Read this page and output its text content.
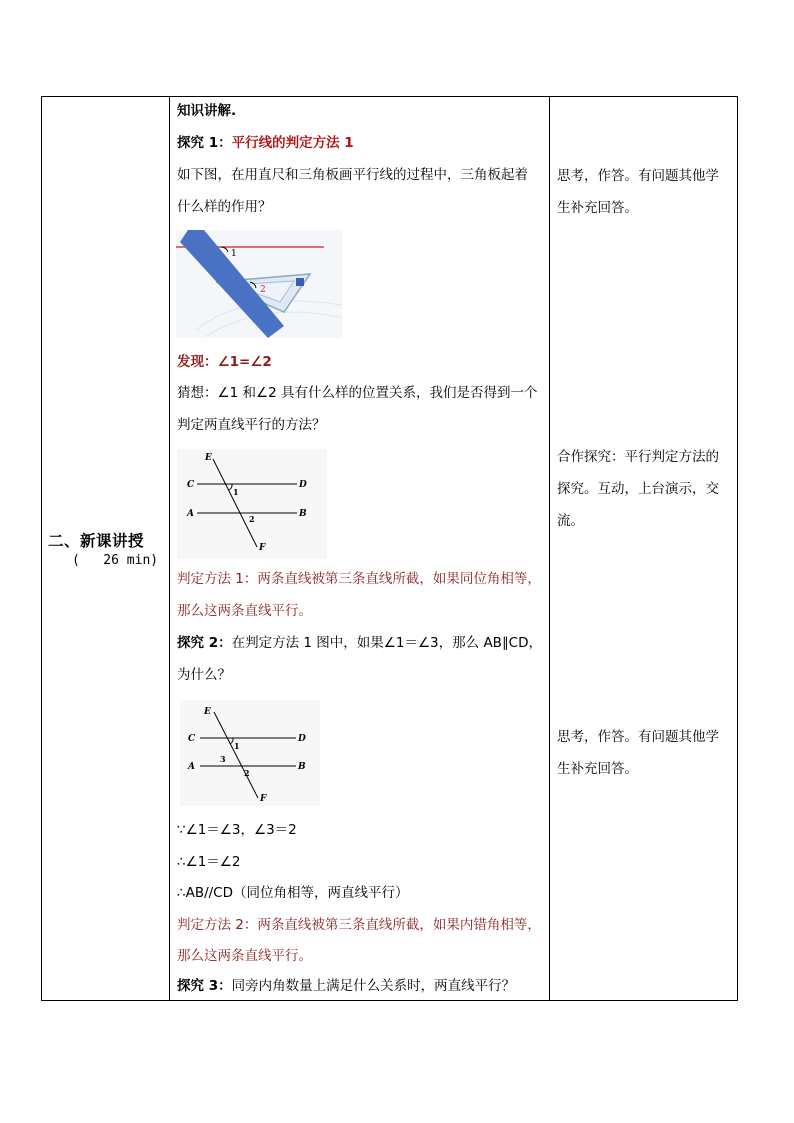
二、新课讲授
(   26 min)

知识讲解.
探究 1：平行线的判定方法 1
如下图，在用直尺和三角板画平行线的过程中，三角板起着
什么样的作用？
1
2
发现：∠1=∠2
猜想：∠1 和∠2 具有什么样的位置关系，我们是否得到一个
判定两直线平行的方法？
E
C	D
A	B
F
1
2
判定方法 1：两条直线被第三条直线所截，如果同位角相等，
那么这两条直线平行。
探究 2：在判定方法 1 图中，如果∠1＝∠3，那么 AB∥CD，
为什么？
E
C	D
A	B
F
1
3
2
∵∠1＝∠3，∠3＝2
∴∠1＝∠2
∴AB//CD（同位角相等，两直线平行）
判定方法 2：两条直线被第三条直线所截，如果内错角相等，
那么这两条直线平行。
探究 3：同旁内角数量上满足什么关系时，两直线平行？

思考，作答。有问题其他学
生补充回答。
合作探究：平行判定方法的
探究。互动，上台演示，交
流。
思考，作答。有问题其他学
生补充回答。
